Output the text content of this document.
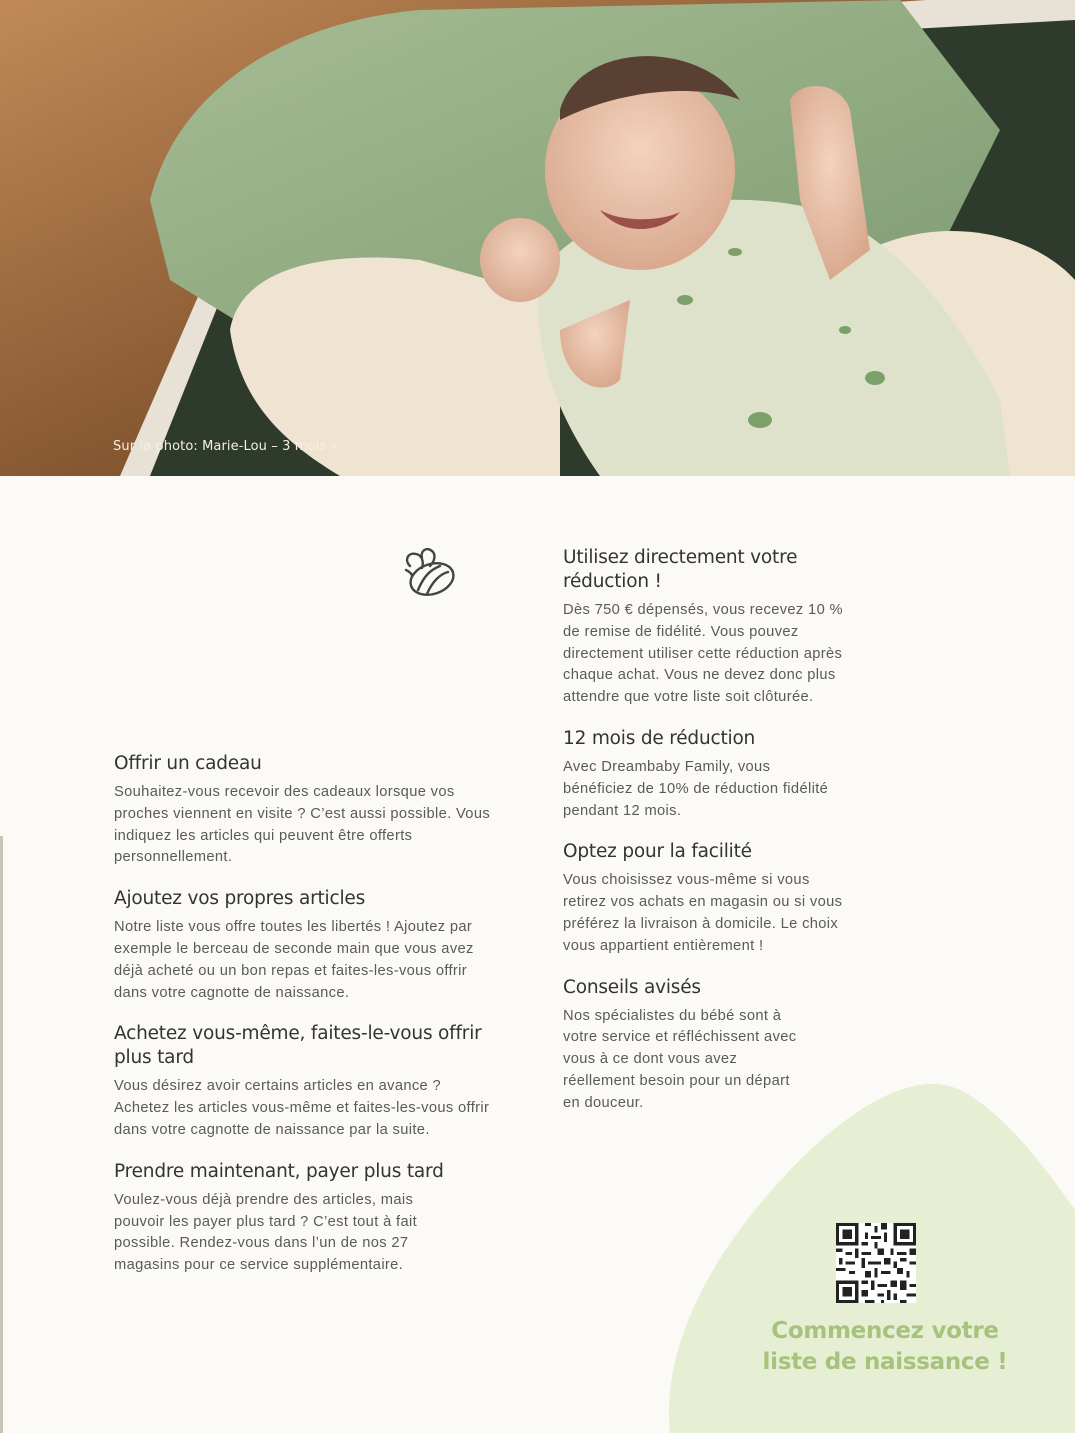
Sur la photo: Marie-Lou – 3 mois »
Utilisez directement votre réduction !

Dès 750 € dépensés, vous recevez 10 % de remise de fidélité. Vous pouvez directement utiliser cette réduction après chaque achat. Vous ne devez donc plus attendre que votre liste soit clôturée.

12 mois de réduction

Avec Dreambaby Family, vous bénéficiez de 10% de réduction fidélité pendant 12 mois.

Optez pour la facilité

Vous choisissez vous-même si vous retirez vos achats en magasin ou si vous préférez la livraison à domicile. Le choix vous appartient entièrement !

Conseils avisés

Nos spécialistes du bébé sont à votre service et réfléchissent avec vous à ce dont vous avez réellement besoin pour un départ en douceur.

Offrir un cadeau

Souhaitez-vous recevoir des cadeaux lorsque vos proches viennent en visite ? C’est aussi possible. Vous indiquez les articles qui peuvent être offerts personnellement.

Ajoutez vos propres articles

Notre liste vous offre toutes les libertés ! Ajoutez par exemple le berceau de seconde main que vous avez déjà acheté ou un bon repas et faites-les-vous offrir dans votre cagnotte de naissance.

Achetez vous-même, faites-le-vous offrir plus tard

Vous désirez avoir certains articles en avance ? Achetez les articles vous-même et faites-les-vous offrir dans votre cagnotte de naissance par la suite.

Prendre maintenant, payer plus tard

Voulez-vous déjà prendre des articles, mais pouvoir les payer plus tard ? C’est tout à fait possible. Rendez-vous dans l’un de nos 27 magasins pour ce service supplémentaire.

Commencez votre
liste de naissance !
